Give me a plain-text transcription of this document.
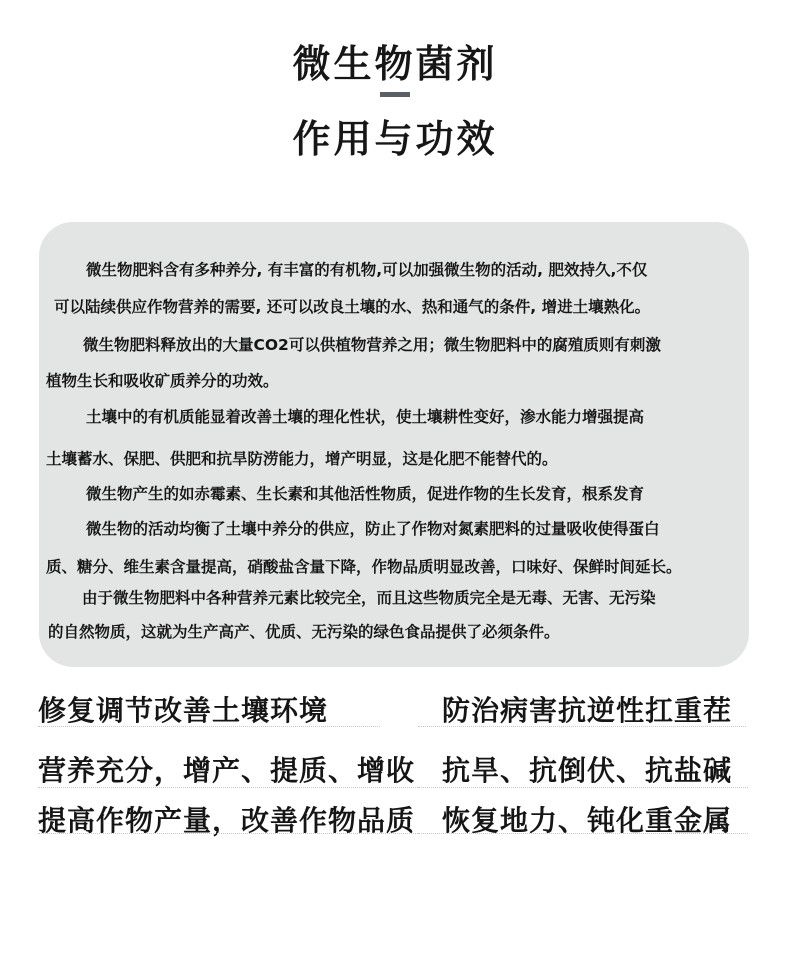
微生物菌剂
作用与功效
微生物肥料含有多种养分, 有丰富的有机物,可以加强微生物的活动, 肥效持久,不仅
可以陆续供应作物营养的需要, 还可以改良土壤的水、热和通气的条件, 增进土壤熟化。
微生物肥料释放出的大量CO2可以供植物营养之用；微生物肥料中的腐殖质则有刺激
植物生长和吸收矿质养分的功效。
土壤中的有机质能显着改善土壤的理化性状，使土壤耕性变好，渗水能力增强提高
土壤蓄水、保肥、供肥和抗旱防涝能力，增产明显，这是化肥不能替代的。
微生物产生的如赤霉素、生长素和其他活性物质，促进作物的生长发育，根系发育
微生物的活动均衡了土壤中养分的供应，防止了作物对氮素肥料的过量吸收使得蛋白
质、糖分、维生素含量提高，硝酸盐含量下降，作物品质明显改善，口味好、保鲜时间延长。
由于微生物肥料中各种营养元素比较完全，而且这些物质完全是无毒、无害、无污染
的自然物质，这就为生产高产、优质、无污染的绿色食品提供了必须条件。
修复调节改善土壤环境	防治病害抗逆性扛重茬
营养充分，增产、提质、增收 抗旱、抗倒伏、抗盐碱
提高作物产量，改善作物品质 恢复地力、钝化重金属
